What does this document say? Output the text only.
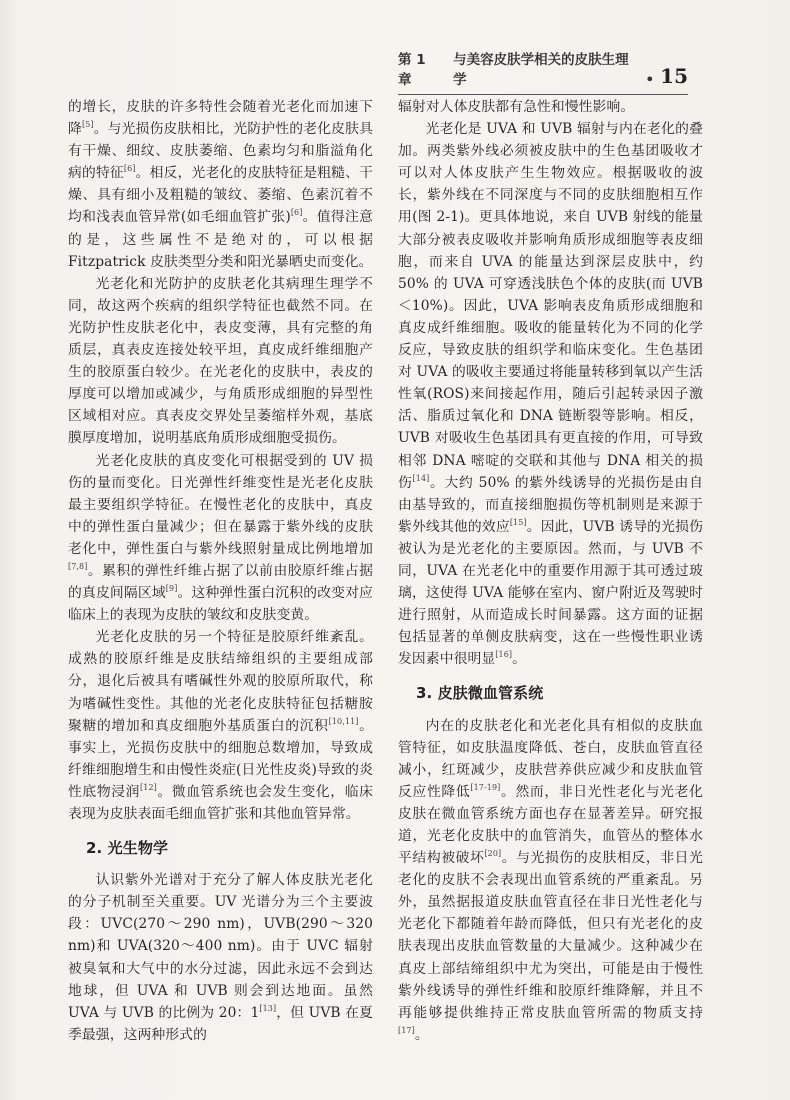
第 1 章
与美容皮肤学相关的皮肤生理学	• 15

的增长，皮肤的许多特性会随着光老化而加速下降[5]。与光损伤皮肤相比，光防护性的老化皮肤具有干燥、细纹、皮肤萎缩、色素均匀和脂溢角化病的特征[6]。相反，光老化的皮肤特征是粗糙、干燥、具有细小及粗糙的皱纹、萎缩、色素沉着不均和浅表血管异常(如毛细血管扩张)[6]。值得注意的是，这些属性不是绝对的，可以根据 Fitzpatrick 皮肤类型分类和阳光暴晒史而变化。

光老化和光防护的皮肤老化其病理生理学不同，故这两个疾病的组织学特征也截然不同。在光防护性皮肤老化中，表皮变薄，具有完整的角质层，真表皮连接处较平坦，真皮成纤维细胞产生的胶原蛋白较少。在光老化的皮肤中，表皮的厚度可以增加或减少，与角质形成细胞的异型性区域相对应。真表皮交界处呈萎缩样外观，基底膜厚度增加，说明基底角质形成细胞受损伤。

光老化皮肤的真皮变化可根据受到的 UV 损伤的量而变化。日光弹性纤维变性是光老化皮肤最主要组织学特征。在慢性老化的皮肤中，真皮中的弹性蛋白量减少；但在暴露于紫外线的皮肤老化中，弹性蛋白与紫外线照射量成比例地增加[7,8]。累积的弹性纤维占据了以前由胶原纤维占据的真皮间隔区域[9]。这种弹性蛋白沉积的改变对应临床上的表现为皮肤的皱纹和皮肤变黄。

光老化皮肤的另一个特征是胶原纤维紊乱。成熟的胶原纤维是皮肤结缔组织的主要组成部分，退化后被具有嗜碱性外观的胶原所取代，称为嗜碱性变性。其他的光老化皮肤特征包括糖胺聚糖的增加和真皮细胞外基质蛋白的沉积[10,11]。事实上，光损伤皮肤中的细胞总数增加，导致成纤维细胞增生和由慢性炎症(日光性皮炎)导致的炎性底物浸润[12]。微血管系统也会发生变化，临床表现为皮肤表面毛细血管扩张和其他血管异常。

2. 光生物学

认识紫外光谱对于充分了解人体皮肤光老化的分子机制至关重要。UV 光谱分为三个主要波段：UVC(270～290 nm)，UVB(290～320 nm)和 UVA(320～400 nm)。由于 UVC 辐射被臭氧和大气中的水分过滤，因此永远不会到达地球，但 UVA 和 UVB 则会到达地面。虽然 UVA 与 UVB 的比例为 20：1[13]，但 UVB 在夏季最强，这两种形式的

辐射对人体皮肤都有急性和慢性影响。

光老化是 UVA 和 UVB 辐射与内在老化的叠加。两类紫外线必须被皮肤中的生色基团吸收才可以对人体皮肤产生生物效应。根据吸收的波长，紫外线在不同深度与不同的皮肤细胞相互作用(图 2-1)。更具体地说，来自 UVB 射线的能量大部分被表皮吸收并影响角质形成细胞等表皮细胞，而来自 UVA 的能量达到深层皮肤中，约 50% 的 UVA 可穿透浅肤色个体的皮肤(而 UVB＜10%)。因此，UVA 影响表皮角质形成细胞和真皮成纤维细胞。吸收的能量转化为不同的化学反应，导致皮肤的组织学和临床变化。生色基团对 UVA 的吸收主要通过将能量转移到氧以产生活性氧(ROS)来间接起作用，随后引起转录因子激活、脂质过氧化和 DNA 链断裂等影响。相反，UVB 对吸收生色基团具有更直接的作用，可导致相邻 DNA 嘧啶的交联和其他与 DNA 相关的损伤[14]。大约 50% 的紫外线诱导的光损伤是由自由基导致的，而直接细胞损伤等机制则是来源于紫外线其他的效应[15]。因此，UVB 诱导的光损伤被认为是光老化的主要原因。然而，与 UVB 不同，UVA 在光老化中的重要作用源于其可透过玻璃，这使得 UVA 能够在室内、窗户附近及驾驶时进行照射，从而造成长时间暴露。这方面的证据包括显著的单侧皮肤病变，这在一些慢性职业诱发因素中很明显[16]。

3. 皮肤微血管系统

内在的皮肤老化和光老化具有相似的皮肤血管特征，如皮肤温度降低、苍白，皮肤血管直径减小，红斑减少，皮肤营养供应减少和皮肤血管反应性降低[17-19]。然而，非日光性老化与光老化皮肤在微血管系统方面也存在显著差异。研究报道，光老化皮肤中的血管消失，血管丛的整体水平结构被破坏[20]。与光损伤的皮肤相反，非日光老化的皮肤不会表现出血管系统的严重紊乱。另外，虽然据报道皮肤血管直径在非日光性老化与光老化下都随着年龄而降低，但只有光老化的皮肤表现出皮肤血管数量的大量减少。这种减少在真皮上部结缔组织中尤为突出，可能是由于慢性紫外线诱导的弹性纤维和胶原纤维降解，并且不再能够提供维持正常皮肤血管所需的物质支持[17]。
